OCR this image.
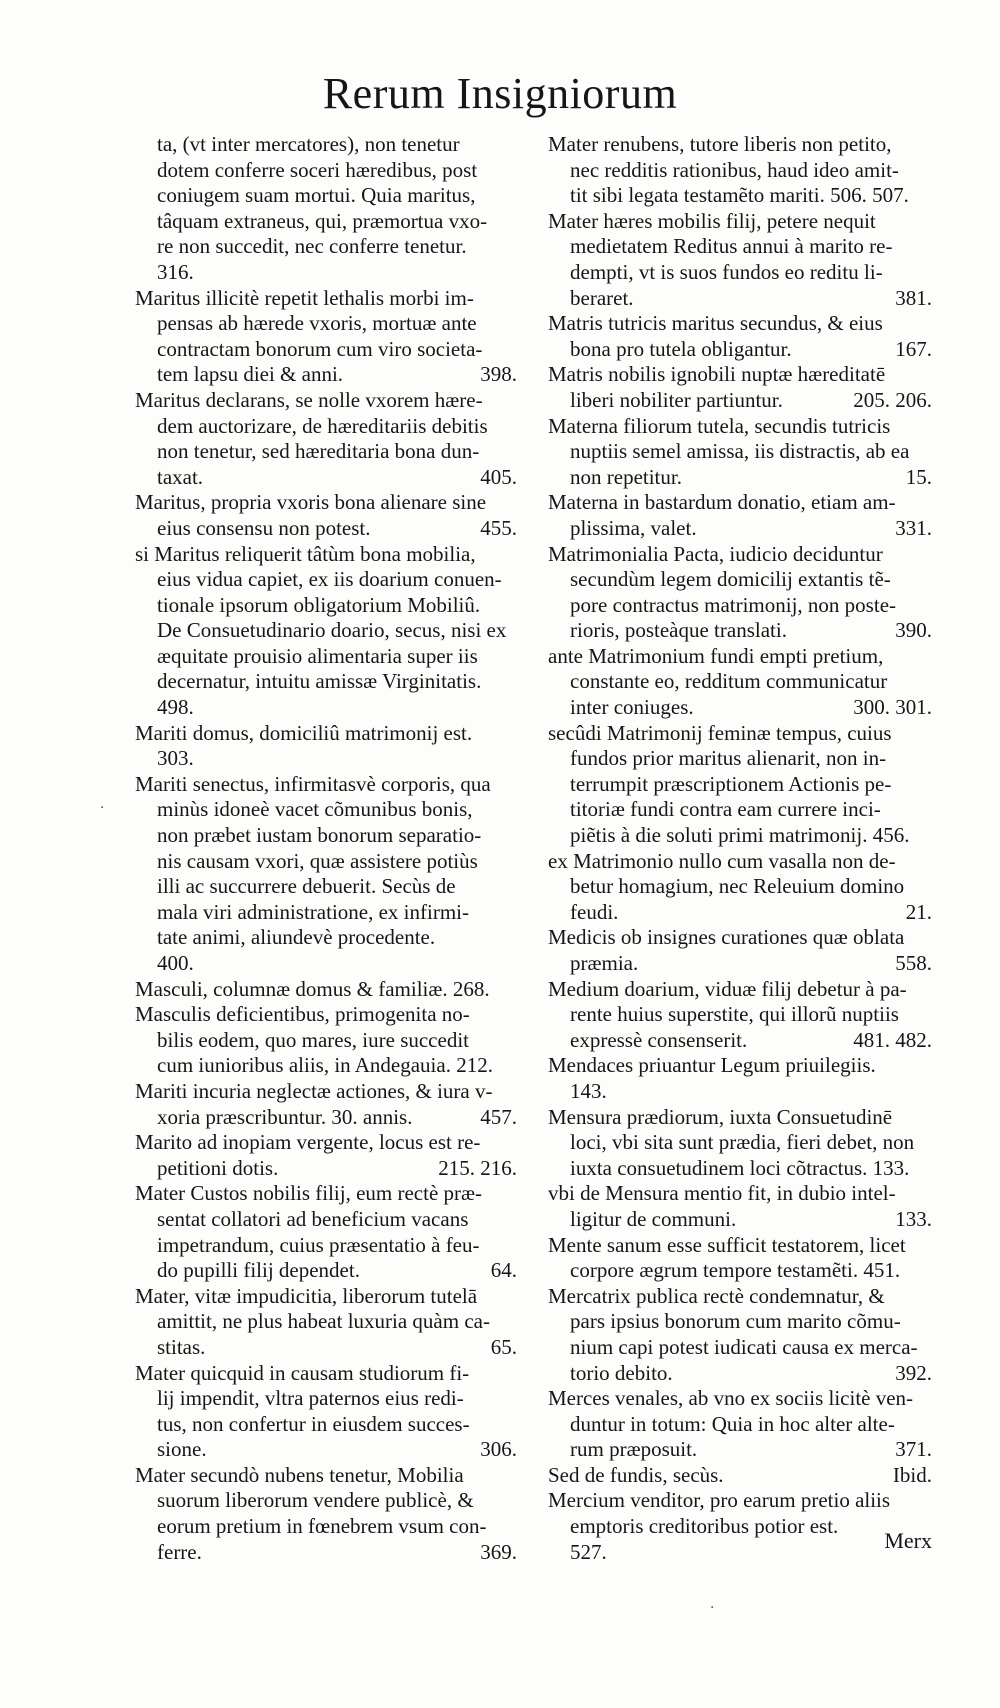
Rerum Insigniorum
ta, (vt inter mercatores), non tenetur
dotem conferre soceri hæredibus, post
coniugem suam mortui. Quia maritus,
tâquam extraneus, qui, præmortua vxo-
re non succedit, nec conferre tenetur.
316.
Maritus illicitè repetit lethalis morbi im-
pensas ab hærede vxoris, mortuæ ante
contractam bonorum cum viro societa-
398.
tem lapsu diei & anni.
Maritus declarans, se nolle vxorem hære-
dem auctorizare, de hæreditariis debitis
non tenetur, sed hæreditaria bona dun-
405.
taxat.
Maritus, propria vxoris bona alienare sine
455.
eius consensu non potest.
si Maritus reliquerit tâtùm bona mobilia,
eius vidua capiet, ex iis doarium conuen-
tionale ipsorum obligatorium Mobiliû.
De Consuetudinario doario, secus, nisi ex
æquitate prouisio alimentaria super iis
decernatur, intuitu amissæ Virginitatis.
498.
Mariti domus, domiciliû matrimonij est.
303.
Mariti senectus, infirmitasvè corporis, qua
minùs idoneè vacet cõmunibus bonis,
non præbet iustam bonorum separatio-
nis causam vxori, quæ assistere potiùs
illi ac succurrere debuerit. Secùs de
mala viri administratione, ex infirmi-
tate animi, aliundevè procedente.
400.
Masculi, columnæ domus & familiæ. 268.
Masculis deficientibus, primogenita no-
bilis eodem, quo mares, iure succedit
cum iunioribus aliis, in Andegauia. 212.
Mariti incuria neglectæ actiones, & iura v-
457.
xoria præscribuntur. 30. annis.
Marito ad inopiam vergente, locus est re-
215. 216.
petitioni dotis.
Mater Custos nobilis filij, eum rectè præ-
sentat collatori ad beneficium vacans
impetrandum, cuius præsentatio à feu-
64.
do pupilli filij dependet.
Mater, vitæ impudicitia, liberorum tutelā
amittit, ne plus habeat luxuria quàm ca-
65.
stitas.
Mater quicquid in causam studiorum fi-
lij impendit, vltra paternos eius redi-
tus, non confertur in eiusdem succes-
306.
sione.
Mater secundò nubens tenetur, Mobilia
suorum liberorum vendere publicè, &
eorum pretium in fœnebrem vsum con-
369.
ferre.
Mater renubens, tutore liberis non petito,
nec redditis rationibus, haud ideo amit-
tit sibi legata testamẽto mariti. 506. 507.
Mater hæres mobilis filij, petere nequit
medietatem Reditus annui à marito re-
dempti, vt is suos fundos eo reditu li-
381.
beraret.
Matris tutricis maritus secundus, & eius
167.
bona pro tutela obligantur.
Matris nobilis ignobili nuptæ hæreditatē
205. 206.
liberi nobiliter partiuntur.
Materna filiorum tutela, secundis tutricis
nuptiis semel amissa, iis distractis, ab ea
15.
non repetitur.
Materna in bastardum donatio, etiam am-
331.
plissima, valet.
Matrimonialia Pacta, iudicio deciduntur
secundùm legem domicilij extantis tẽ-
pore contractus matrimonij, non poste-
390.
rioris, posteàque translati.
ante Matrimonium fundi empti pretium,
constante eo, redditum communicatur
300. 301.
inter coniuges.
secûdi Matrimonij feminæ tempus, cuius
fundos prior maritus alienarit, non in-
terrumpit præscriptionem Actionis pe-
titoriæ fundi contra eam currere inci-
piẽtis à die soluti primi matrimonij. 456.
ex Matrimonio nullo cum vasalla non de-
betur homagium, nec Releuium domino
21.
feudi.
Medicis ob insignes curationes quæ oblata
558.
præmia.
Medium doarium, viduæ filij debetur à pa-
rente huius superstite, qui illorũ nuptiis
481. 482.
expressè consenserit.
Mendaces priuantur Legum priuilegiis.
143.
Mensura prædiorum, iuxta Consuetudinē
loci, vbi sita sunt prædia, fieri debet, non
iuxta consuetudinem loci cõtractus. 133.
vbi de Mensura mentio fit, in dubio intel-
133.
ligitur de communi.
Mente sanum esse sufficit testatorem, licet
corpore ægrum tempore testamẽti. 451.
Mercatrix publica rectè condemnatur, &
pars ipsius bonorum cum marito cõmu-
nium capi potest iudicati causa ex merca-
392.
torio debito.
Merces venales, ab vno ex sociis licitè ven-
duntur in totum: Quia in hoc alter alte-
371.
rum præposuit.
Ibid.
Sed de fundis, secùs.
Mercium venditor, pro earum pretio aliis
emptoris creditoribus potior est.
527.	Merx
·
·
